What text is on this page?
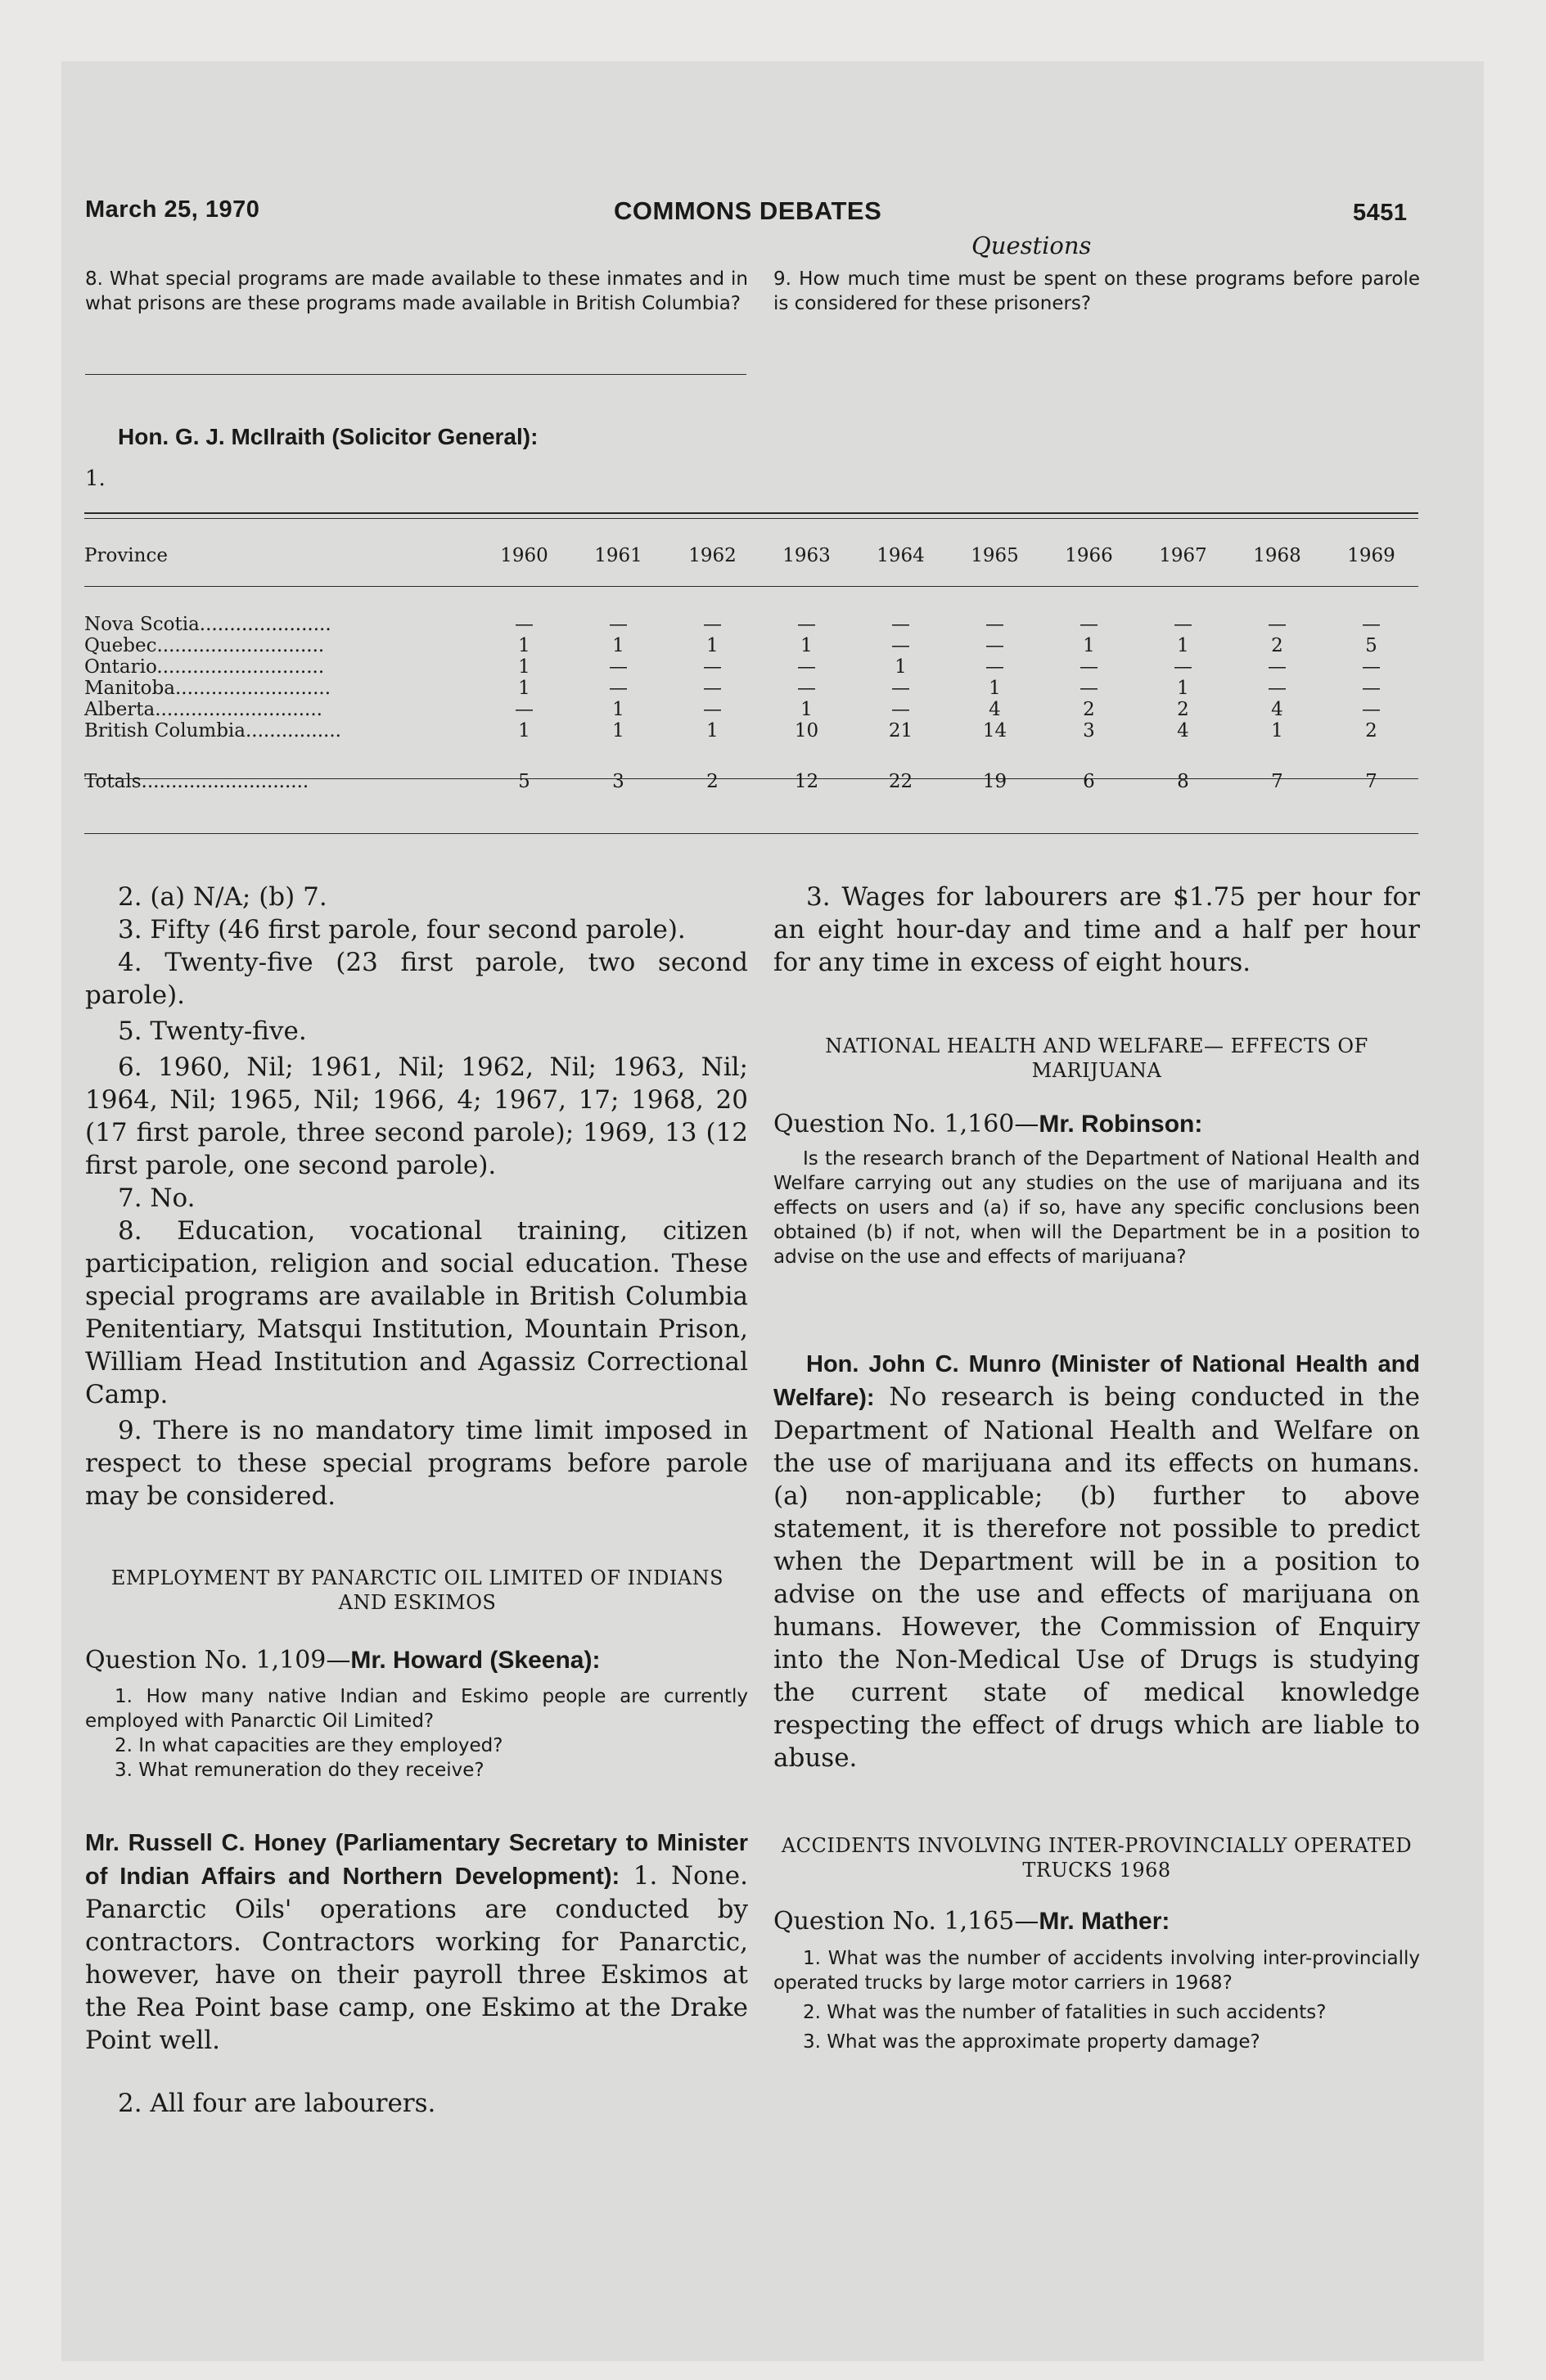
March 25, 1970	COMMONS DEBATES	5451
Questions

8. What special programs are made available to these inmates and in what prisons are these programs made available in British Columbia?

9. How much time must be spent on these programs before parole is considered for these prisoners?

Hon. G. J. McIlraith (Solicitor General):
1.
Province	1960	1961	1962	1963	1964	1965	1966	1967	1968	1969

Nova Scotia......................	—	—	—	—	—	—	—	—	—	—
Quebec............................	1	1	1	1	—	—	1	1	2	5
Ontario............................	1	—	—	—	1	—	—	—	—	—
Manitoba..........................	1	—	—	—	—	1	—	1	—	—
Alberta............................	—	1	—	1	—	4	2	2	4	—
British Columbia................	1	1	1	10	21	14	3	4	1	2

Totals............................	5	3	2	12	22	19	6	8	7	7

2. (a) N/A; (b) 7.

3. Fifty (46 first parole, four second parole).

4. Twenty-five (23 first parole, two second parole).

5. Twenty-five.

6. 1960, Nil; 1961, Nil; 1962, Nil; 1963, Nil; 1964, Nil; 1965, Nil; 1966, 4; 1967, 17; 1968, 20 (17 first parole, three second parole); 1969, 13 (12 first parole, one second parole).

7. No.

8. Education, vocational training, citizen participation, religion and social education. These special programs are available in British Columbia Penitentiary, Matsqui Institution, Mountain Prison, William Head Institution and Agassiz Correctional Camp.

9. There is no mandatory time limit imposed in respect to these special programs before parole may be considered.

EMPLOYMENT BY PANARCTIC OIL LIMITED OF INDIANS AND ESKIMOS
Question No. 1,109—Mr. Howard (Skeena):

1. How many native Indian and Eskimo people are currently employed with Panarctic Oil Limited?

2. In what capacities are they employed?

3. What remuneration do they receive?

Mr. Russell C. Honey (Parliamentary Secretary to Minister of Indian Affairs and Northern Development): 1. None. Panarctic Oils' operations are conducted by contractors. Contractors working for Panarctic, however, have on their payroll three Eskimos at the Rea Point base camp, one Eskimo at the Drake Point well.

2. All four are labourers.

3. Wages for labourers are $1.75 per hour for an eight hour-day and time and a half per hour for any time in excess of eight hours.

NATIONAL HEALTH AND WELFARE— EFFECTS OF MARIJUANA
Question No. 1,160—Mr. Robinson:

Is the research branch of the Department of National Health and Welfare carrying out any studies on the use of marijuana and its effects on users and (a) if so, have any specific conclusions been obtained (b) if not, when will the Department be in a position to advise on the use and effects of marijuana?

Hon. John C. Munro (Minister of National Health and Welfare): No research is being conducted in the Department of National Health and Welfare on the use of marijuana and its effects on humans. (a) non-applicable; (b) further to above statement, it is therefore not possible to predict when the Department will be in a position to advise on the use and effects of marijuana on humans. However, the Commission of Enquiry into the Non-Medical Use of Drugs is studying the current state of medical knowledge respecting the effect of drugs which are liable to abuse.

ACCIDENTS INVOLVING INTER-PROVINCIALLY OPERATED TRUCKS 1968
Question No. 1,165—Mr. Mather:

1. What was the number of accidents involving inter-provincially operated trucks by large motor carriers in 1968?

2. What was the number of fatalities in such accidents?

3. What was the approximate property damage?
